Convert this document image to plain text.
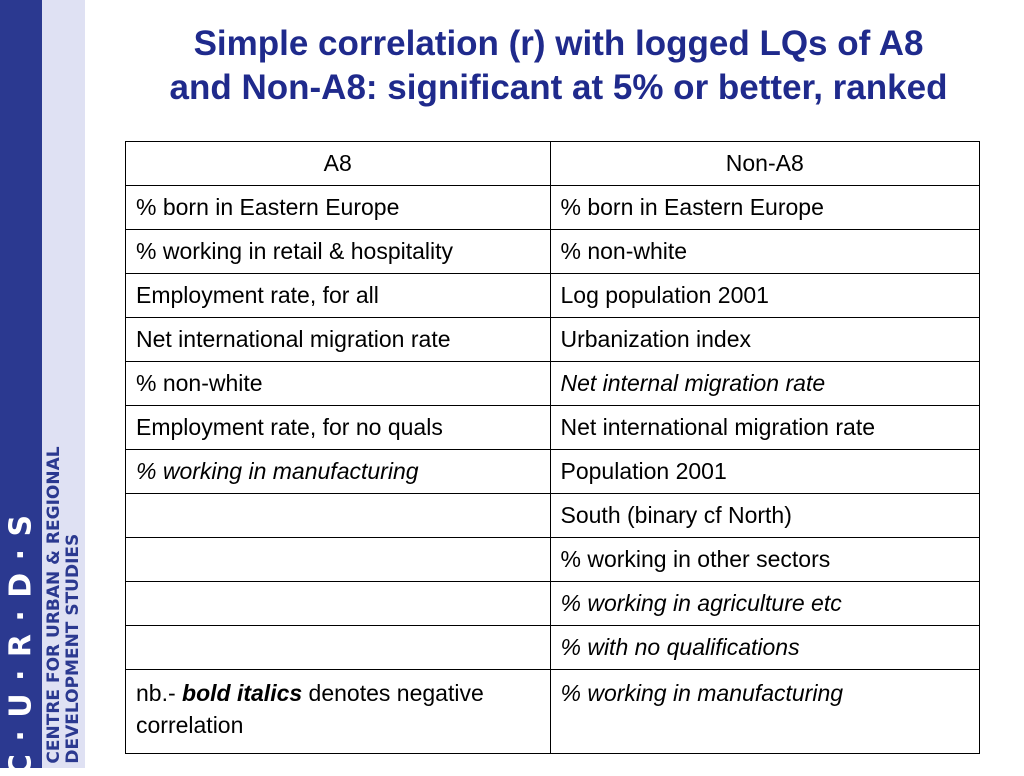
C · U · R · D · S CENTRE FOR URBAN & REGIONAL DEVELOPMENT STUDIES
Simple correlation (r) with logged LQs of A8
and Non-A8: significant at 5% or better, ranked
A8	Non-A8
% born in Eastern Europe	% born in Eastern Europe
% working in retail & hospitality	% non-white
Employment rate, for all	Log population 2001
Net international migration rate	Urbanization index
% non-white	Net internal migration rate
Employment rate, for no quals	Net international migration rate
% working in manufacturing	Population 2001
	South (binary cf North)
	% working in other sectors
	% working in agriculture etc
	% with no qualifications
nb.- bold italics denotes negative correlation	% working in manufacturing
